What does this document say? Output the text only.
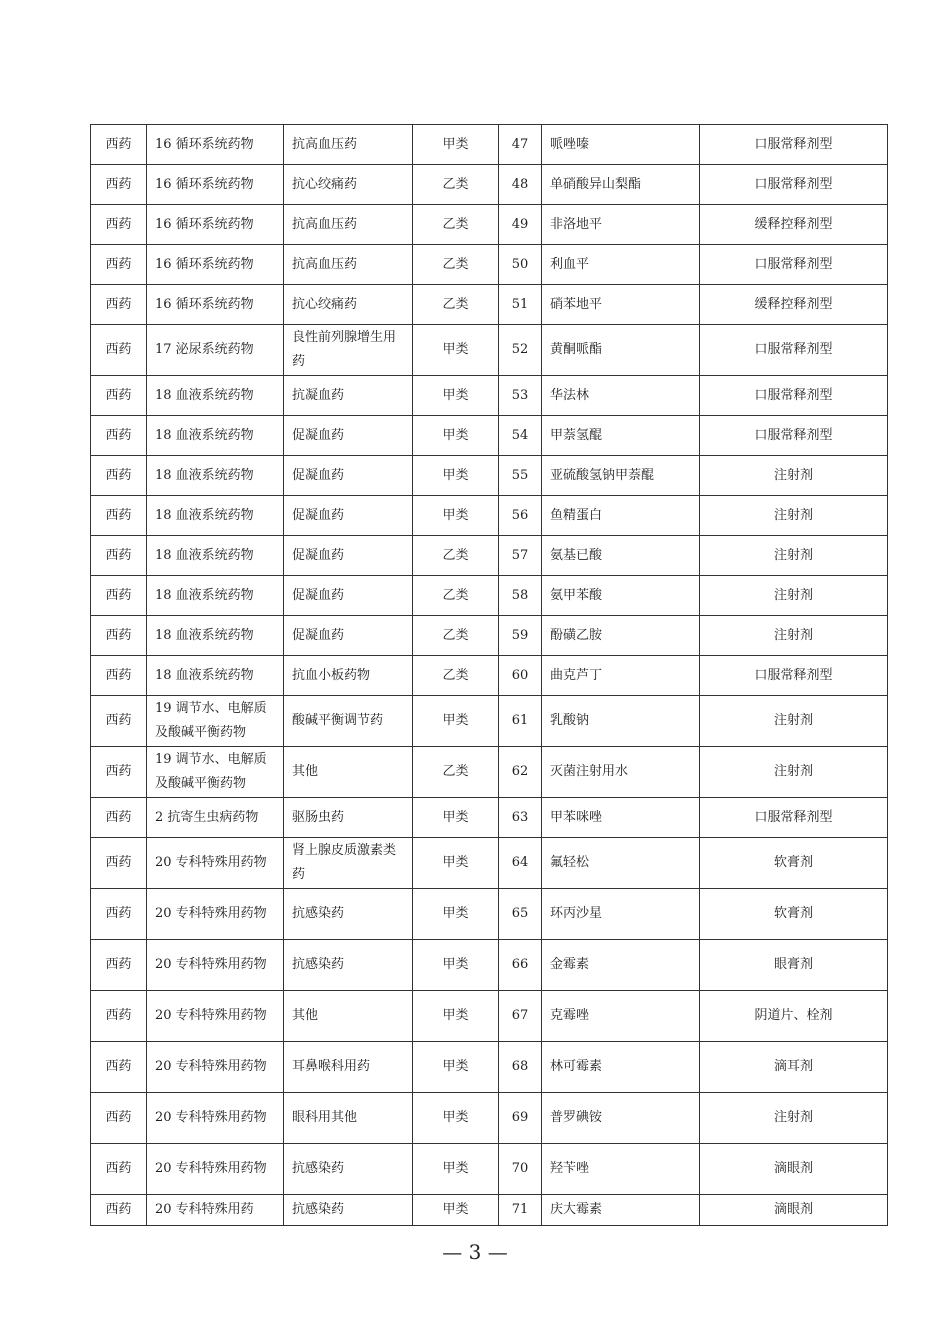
西药	16 循环系统药物	抗高血压药	甲类	47	哌唑嗪	口服常释剂型
西药	16 循环系统药物	抗心绞痛药	乙类	48	单硝酸异山梨酯	口服常释剂型
西药	16 循环系统药物	抗高血压药	乙类	49	非洛地平	缓释控释剂型
西药	16 循环系统药物	抗高血压药	乙类	50	利血平	口服常释剂型
西药	16 循环系统药物	抗心绞痛药	乙类	51	硝苯地平	缓释控释剂型
西药	17 泌尿系统药物	良性前列腺增生用药	甲类	52	黄酮哌酯	口服常释剂型
西药	18 血液系统药物	抗凝血药	甲类	53	华法林	口服常释剂型
西药	18 血液系统药物	促凝血药	甲类	54	甲萘氢醌	口服常释剂型
西药	18 血液系统药物	促凝血药	甲类	55	亚硫酸氢钠甲萘醌	注射剂
西药	18 血液系统药物	促凝血药	甲类	56	鱼精蛋白	注射剂
西药	18 血液系统药物	促凝血药	乙类	57	氨基已酸	注射剂
西药	18 血液系统药物	促凝血药	乙类	58	氨甲苯酸	注射剂
西药	18 血液系统药物	促凝血药	乙类	59	酚磺乙胺	注射剂
西药	18 血液系统药物	抗血小板药物	乙类	60	曲克芦丁	口服常释剂型
西药	19 调节水、电解质及酸碱平衡药物	酸碱平衡调节药	甲类	61	乳酸钠	注射剂
西药	19 调节水、电解质及酸碱平衡药物	其他	乙类	62	灭菌注射用水	注射剂
西药	2 抗寄生虫病药物	驱肠虫药	甲类	63	甲苯咪唑	口服常释剂型
西药	20 专科特殊用药物	肾上腺皮质激素类药	甲类	64	氟轻松	软膏剂
西药	20 专科特殊用药物	抗感染药	甲类	65	环丙沙星	软膏剂
西药	20 专科特殊用药物	抗感染药	甲类	66	金霉素	眼膏剂
西药	20 专科特殊用药物	其他	甲类	67	克霉唑	阴道片、栓剂
西药	20 专科特殊用药物	耳鼻喉科用药	甲类	68	林可霉素	滴耳剂
西药	20 专科特殊用药物	眼科用其他	甲类	69	普罗碘铵	注射剂
西药	20 专科特殊用药物	抗感染药	甲类	70	羟苄唑	滴眼剂
西药	20 专科特殊用药	抗感染药	甲类	71	庆大霉素	滴眼剂
— 3 —
